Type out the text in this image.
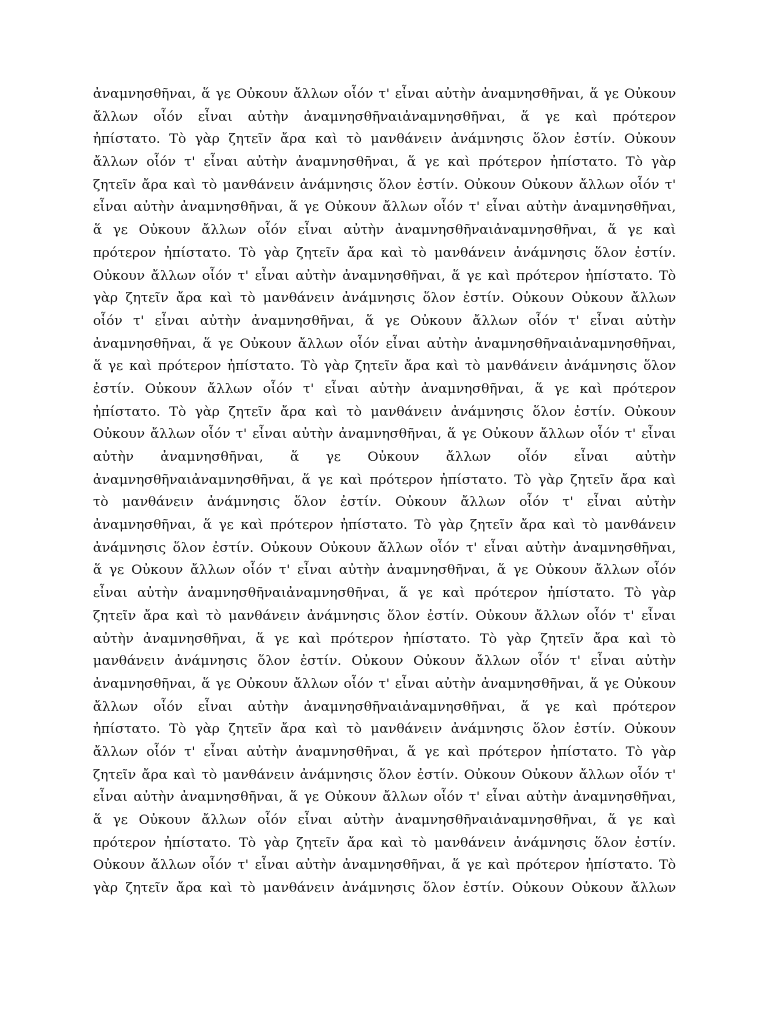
ἀναμνησθῆναι, ἅ γε Οὐκουν ἄλλων οἷόν τ' εἶναι αὐτὴν ἀναμνησθῆναι, ἅ γε Οὐκουν
ἄλλων οἷόν εἶναι αὐτὴν ἀναμνησθῆναιἀναμνησθῆναι, ἅ γε καὶ πρότερον
ἠπίστατο. Τὸ γὰρ ζητεῖν ἄρα καὶ τὸ μανθάνειν ἀνάμνησις ὅλον ἐστίν. Οὐκουν
ἄλλων οἷόν τ' εἶναι αὐτὴν ἀναμνησθῆναι, ἅ γε καὶ πρότερον ἠπίστατο. Τὸ γὰρ
ζητεῖν ἄρα καὶ τὸ μανθάνειν ἀνάμνησις ὅλον ἐστίν. Οὐκουν Οὐκουν ἄλλων οἷόν τ'
εἶναι αὐτὴν ἀναμνησθῆναι, ἅ γε Οὐκουν ἄλλων οἷόν τ' εἶναι αὐτὴν ἀναμνησθῆναι,
ἅ γε Οὐκουν ἄλλων οἷόν εἶναι αὐτὴν ἀναμνησθῆναιἀναμνησθῆναι, ἅ γε καὶ
πρότερον ἠπίστατο. Τὸ γὰρ ζητεῖν ἄρα καὶ τὸ μανθάνειν ἀνάμνησις ὅλον ἐστίν.
Οὐκουν ἄλλων οἷόν τ' εἶναι αὐτὴν ἀναμνησθῆναι, ἅ γε καὶ πρότερον ἠπίστατο. Τὸ
γὰρ ζητεῖν ἄρα καὶ τὸ μανθάνειν ἀνάμνησις ὅλον ἐστίν. Οὐκουν Οὐκουν ἄλλων
οἷόν τ' εἶναι αὐτὴν ἀναμνησθῆναι, ἅ γε Οὐκουν ἄλλων οἷόν τ' εἶναι αὐτὴν
ἀναμνησθῆναι, ἅ γε Οὐκουν ἄλλων οἷόν εἶναι αὐτὴν ἀναμνησθῆναιἀναμνησθῆναι,
ἅ γε καὶ πρότερον ἠπίστατο. Τὸ γὰρ ζητεῖν ἄρα καὶ τὸ μανθάνειν ἀνάμνησις ὅλον
ἐστίν. Οὐκουν ἄλλων οἷόν τ' εἶναι αὐτὴν ἀναμνησθῆναι, ἅ γε καὶ πρότερον
ἠπίστατο. Τὸ γὰρ ζητεῖν ἄρα καὶ τὸ μανθάνειν ἀνάμνησις ὅλον ἐστίν. Οὐκουν
Οὐκουν ἄλλων οἷόν τ' εἶναι αὐτὴν ἀναμνησθῆναι, ἅ γε Οὐκουν ἄλλων οἷόν τ' εἶναι
αὐτὴν ἀναμνησθῆναι, ἅ γε Οὐκουν ἄλλων οἷόν εἶναι αὐτὴν
ἀναμνησθῆναιἀναμνησθῆναι, ἅ γε καὶ πρότερον ἠπίστατο. Τὸ γὰρ ζητεῖν ἄρα καὶ
τὸ μανθάνειν ἀνάμνησις ὅλον ἐστίν. Οὐκουν ἄλλων οἷόν τ' εἶναι αὐτὴν
ἀναμνησθῆναι, ἅ γε καὶ πρότερον ἠπίστατο. Τὸ γὰρ ζητεῖν ἄρα καὶ τὸ μανθάνειν
ἀνάμνησις ὅλον ἐστίν. Οὐκουν Οὐκουν ἄλλων οἷόν τ' εἶναι αὐτὴν ἀναμνησθῆναι,
ἅ γε Οὐκουν ἄλλων οἷόν τ' εἶναι αὐτὴν ἀναμνησθῆναι, ἅ γε Οὐκουν ἄλλων οἷόν
εἶναι αὐτὴν ἀναμνησθῆναιἀναμνησθῆναι, ἅ γε καὶ πρότερον ἠπίστατο. Τὸ γὰρ
ζητεῖν ἄρα καὶ τὸ μανθάνειν ἀνάμνησις ὅλον ἐστίν. Οὐκουν ἄλλων οἷόν τ' εἶναι
αὐτὴν ἀναμνησθῆναι, ἅ γε καὶ πρότερον ἠπίστατο. Τὸ γὰρ ζητεῖν ἄρα καὶ τὸ
μανθάνειν ἀνάμνησις ὅλον ἐστίν. Οὐκουν Οὐκουν ἄλλων οἷόν τ' εἶναι αὐτὴν
ἀναμνησθῆναι, ἅ γε Οὐκουν ἄλλων οἷόν τ' εἶναι αὐτὴν ἀναμνησθῆναι, ἅ γε Οὐκουν
ἄλλων οἷόν εἶναι αὐτὴν ἀναμνησθῆναιἀναμνησθῆναι, ἅ γε καὶ πρότερον
ἠπίστατο. Τὸ γὰρ ζητεῖν ἄρα καὶ τὸ μανθάνειν ἀνάμνησις ὅλον ἐστίν. Οὐκουν
ἄλλων οἷόν τ' εἶναι αὐτὴν ἀναμνησθῆναι, ἅ γε καὶ πρότερον ἠπίστατο. Τὸ γὰρ
ζητεῖν ἄρα καὶ τὸ μανθάνειν ἀνάμνησις ὅλον ἐστίν. Οὐκουν Οὐκουν ἄλλων οἷόν τ'
εἶναι αὐτὴν ἀναμνησθῆναι, ἅ γε Οὐκουν ἄλλων οἷόν τ' εἶναι αὐτὴν ἀναμνησθῆναι,
ἅ γε Οὐκουν ἄλλων οἷόν εἶναι αὐτὴν ἀναμνησθῆναιἀναμνησθῆναι, ἅ γε καὶ
πρότερον ἠπίστατο. Τὸ γὰρ ζητεῖν ἄρα καὶ τὸ μανθάνειν ἀνάμνησις ὅλον ἐστίν.
Οὐκουν ἄλλων οἷόν τ' εἶναι αὐτὴν ἀναμνησθῆναι, ἅ γε καὶ πρότερον ἠπίστατο. Τὸ
γὰρ ζητεῖν ἄρα καὶ τὸ μανθάνειν ἀνάμνησις ὅλον ἐστίν. Οὐκουν Οὐκουν ἄλλων
